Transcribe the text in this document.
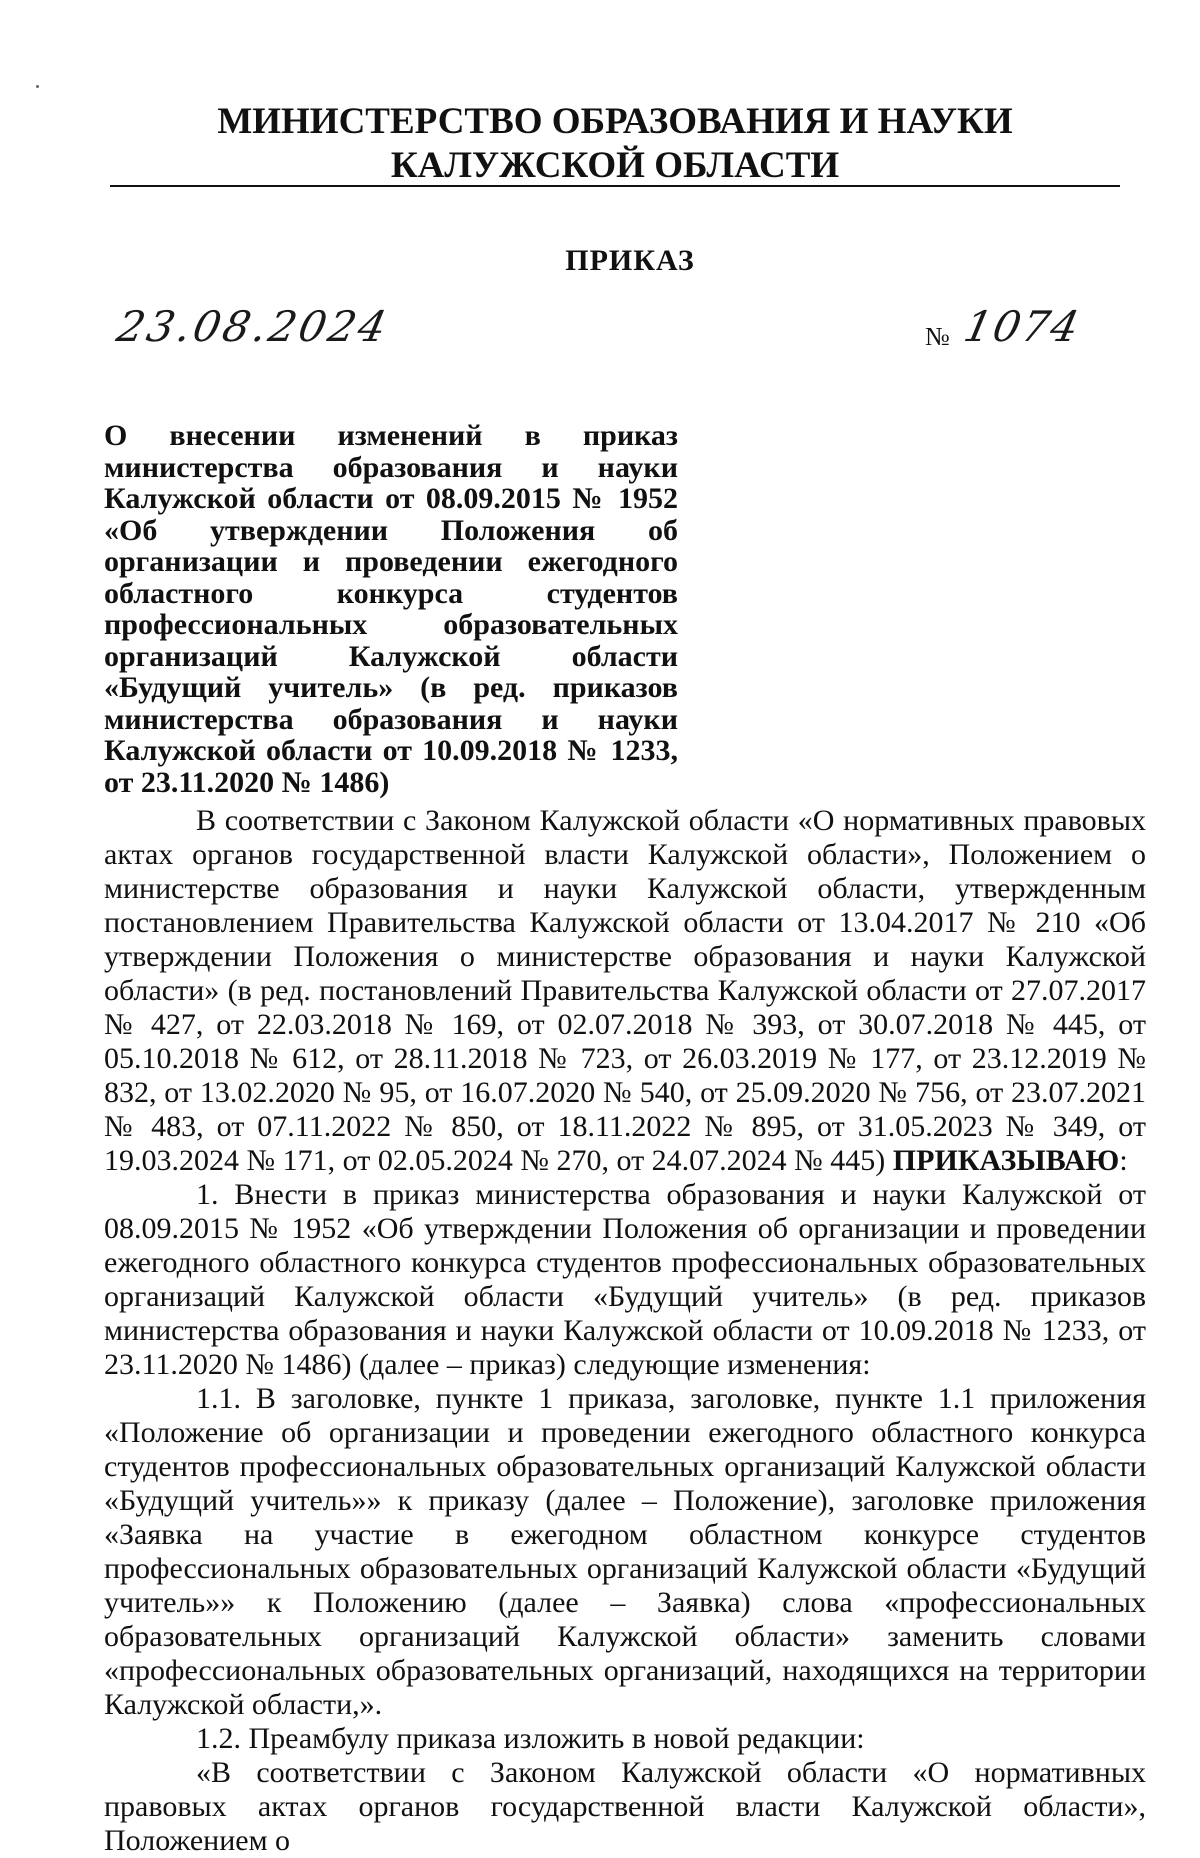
МИНИСТЕРСТВО ОБРАЗОВАНИЯ И НАУКИ
КАЛУЖСКОЙ ОБЛАСТИ
ПРИКАЗ
23.08.2024	№ 1074
О внесении изменений в приказ министерства образования и науки Калужской области от 08.09.2015 № 1952 «Об утверждении Положения об организации и проведении ежегодного областного конкурса студентов профессиональных образовательных организаций Калужской области «Будущий учитель» (в ред. приказов министерства образования и науки Калужской области от 10.09.2018 № 1233, от 23.11.2020 № 1486)

В соответствии с Законом Калужской области «О нормативных правовых актах органов государственной власти Калужской области», Положением о министерстве образования и науки Калужской области, утвержденным постановлением Правительства Калужской области от 13.04.2017 № 210 «Об утверждении Положения о министерстве образования и науки Калужской области» (в ред. постановлений Правительства Калужской области от 27.07.2017 № 427, от 22.03.2018 № 169, от 02.07.2018 № 393, от 30.07.2018 № 445, от 05.10.2018 № 612, от 28.11.2018 № 723, от 26.03.2019 № 177, от 23.12.2019 № 832, от 13.02.2020 № 95, от 16.07.2020 № 540, от 25.09.2020 № 756, от 23.07.2021 № 483, от 07.11.2022 № 850, от 18.11.2022 № 895, от 31.05.2023 № 349, от 19.03.2024 № 171, от 02.05.2024 № 270, от 24.07.2024 № 445) ПРИКАЗЫВАЮ:

1. Внести в приказ министерства образования и науки Калужской от 08.09.2015 № 1952 «Об утверждении Положения об организации и проведении ежегодного областного конкурса студентов профессиональных образовательных организаций Калужской области «Будущий учитель» (в ред. приказов министерства образования и науки Калужской области от 10.09.2018 № 1233, от 23.11.2020 № 1486) (далее – приказ) следующие изменения:

1.1. В заголовке, пункте 1 приказа, заголовке, пункте 1.1 приложения «Положение об организации и проведении ежегодного областного конкурса студентов профессиональных образовательных организаций Калужской области «Будущий учитель»» к приказу (далее – Положение), заголовке приложения «Заявка на участие в ежегодном областном конкурсе студентов профессиональных образовательных организаций Калужской области «Будущий учитель»» к Положению (далее – Заявка) слова «профессиональных образовательных организаций Калужской области» заменить словами «профессиональных образовательных организаций, находящихся на территории Калужской области,».

1.2. Преамбулу приказа изложить в новой редакции:

«В соответствии с Законом Калужской области «О нормативных правовых актах органов государственной власти Калужской области», Положением о
